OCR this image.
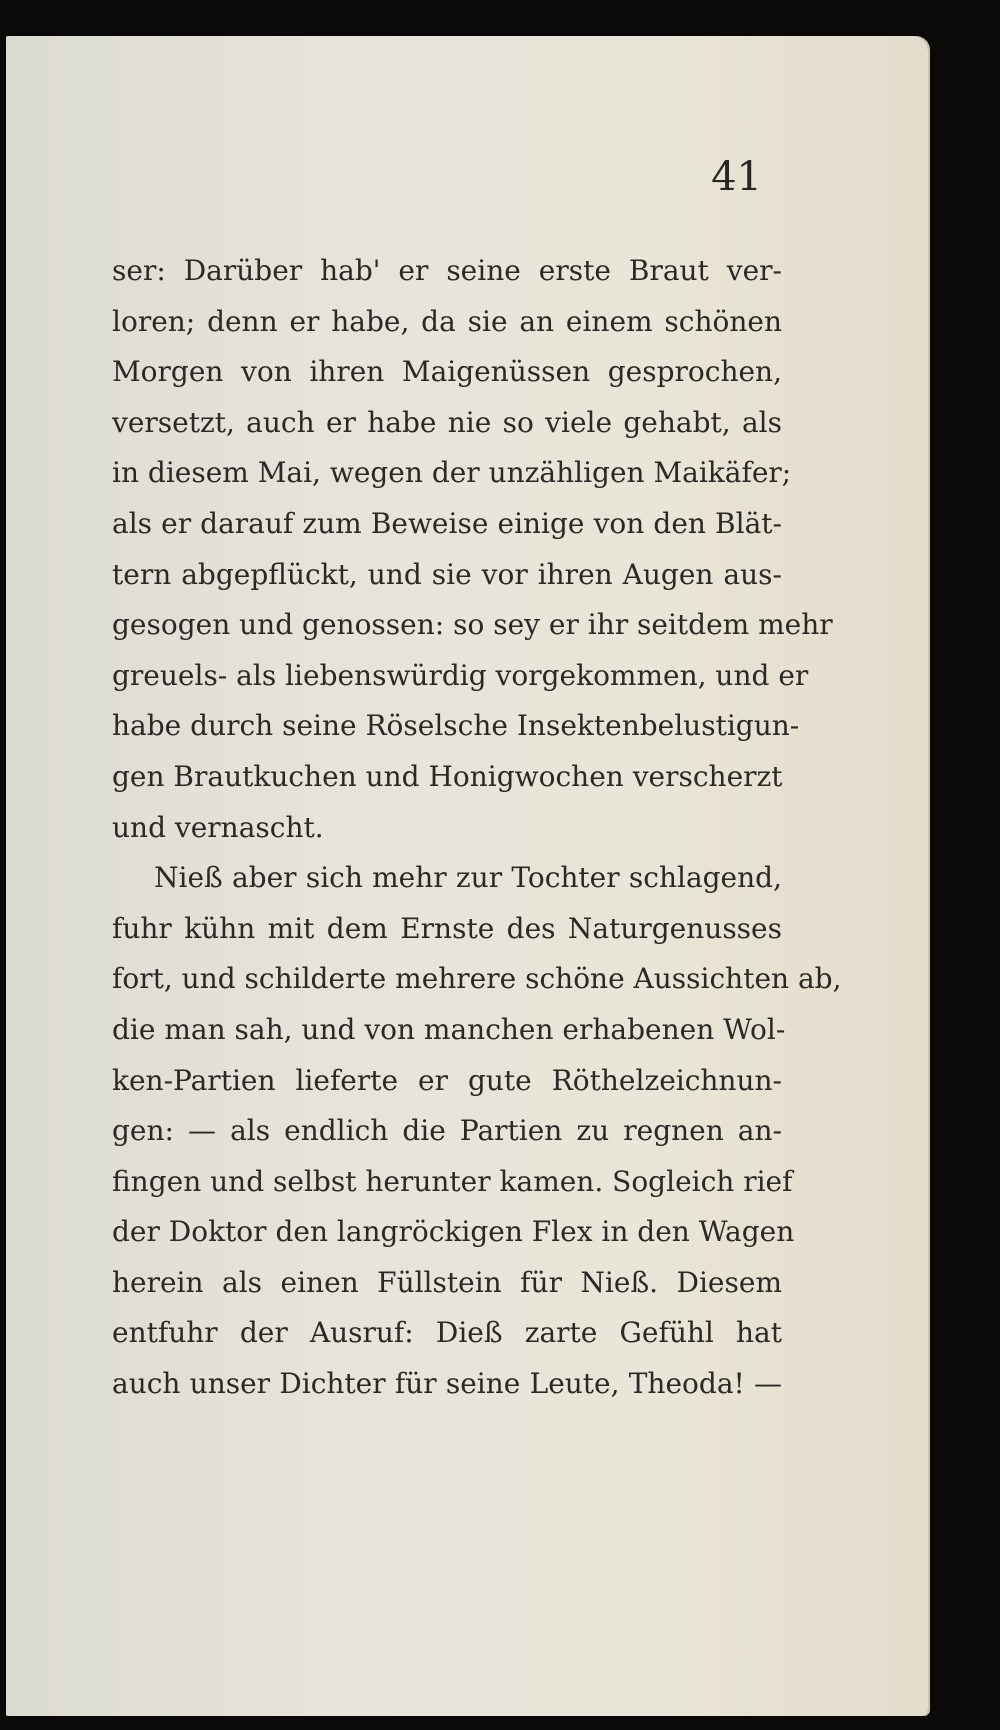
41
ser: Darüber hab' er seine erste Braut ver-
loren; denn er habe, da sie an einem schönen
Morgen von ihren Maigenüssen gesprochen,
versetzt, auch er habe nie so viele gehabt, als
in diesem Mai, wegen der unzähligen Maikäfer;
als er darauf zum Beweise einige von den Blät-
tern abgepflückt, und sie vor ihren Augen aus-
gesogen und genossen: so sey er ihr seitdem mehr
greuels- als liebenswürdig vorgekommen, und er
habe durch seine Röselsche Insektenbelustigun-
gen Brautkuchen und Honigwochen verscherzt
und vernascht.
Nieß aber sich mehr zur Tochter schlagend,
fuhr kühn mit dem Ernste des Naturgenusses
fort, und schilderte mehrere schöne Aussichten ab,
die man sah, und von manchen erhabenen Wol-
ken-Partien lieferte er gute Röthelzeichnun-
gen: — als endlich die Partien zu regnen an-
fingen und selbst herunter kamen. Sogleich rief
der Doktor den langröckigen Flex in den Wagen
herein als einen Füllstein für Nieß. Diesem
entfuhr der Ausruf: Dieß zarte Gefühl hat
auch unser Dichter für seine Leute, Theoda! —
